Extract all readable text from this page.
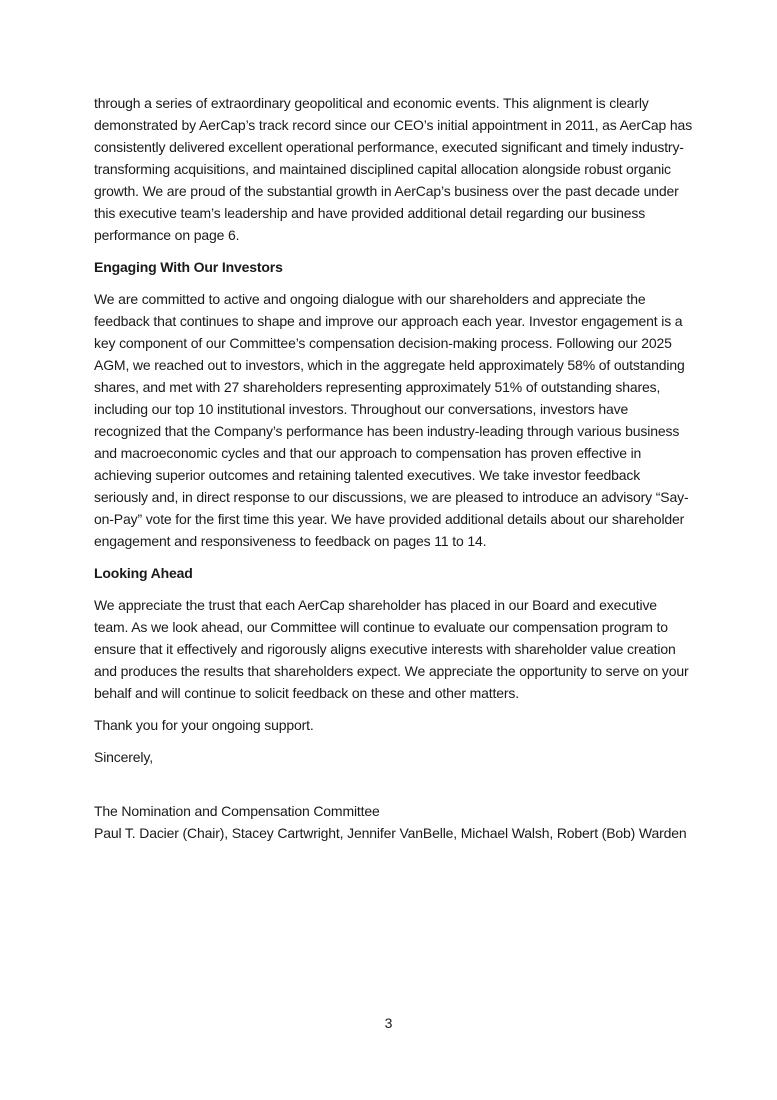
through a series of extraordinary geopolitical and economic events. This alignment is clearly demonstrated by AerCap’s track record since our CEO’s initial appointment in 2011, as AerCap has consistently delivered excellent operational performance, executed significant and timely industry-transforming acquisitions, and maintained disciplined capital allocation alongside robust organic growth. We are proud of the substantial growth in AerCap’s business over the past decade under this executive team’s leadership and have provided additional detail regarding our business performance on page 6.

Engaging With Our Investors

We are committed to active and ongoing dialogue with our shareholders and appreciate the feedback that continues to shape and improve our approach each year. Investor engagement is a key component of our Committee’s compensation decision-making process. Following our 2025 AGM, we reached out to investors, which in the aggregate held approximately 58% of outstanding shares, and met with 27 shareholders representing approximately 51% of outstanding shares, including our top 10 institutional investors. Throughout our conversations, investors have recognized that the Company’s performance has been industry-leading through various business and macroeconomic cycles and that our approach to compensation has proven effective in achieving superior outcomes and retaining talented executives. We take investor feedback seriously and, in direct response to our discussions, we are pleased to introduce an advisory “Say-on-Pay” vote for the first time this year. We have provided additional details about our shareholder engagement and responsiveness to feedback on pages 11 to 14.

Looking Ahead

We appreciate the trust that each AerCap shareholder has placed in our Board and executive team. As we look ahead, our Committee will continue to evaluate our compensation program to ensure that it effectively and rigorously aligns executive interests with shareholder value creation and produces the results that shareholders expect. We appreciate the opportunity to serve on your behalf and will continue to solicit feedback on these and other matters.

Thank you for your ongoing support.

Sincerely,

The Nomination and Compensation Committee

Paul T. Dacier (Chair), Stacey Cartwright, Jennifer VanBelle, Michael Walsh, Robert (Bob) Warden

3
